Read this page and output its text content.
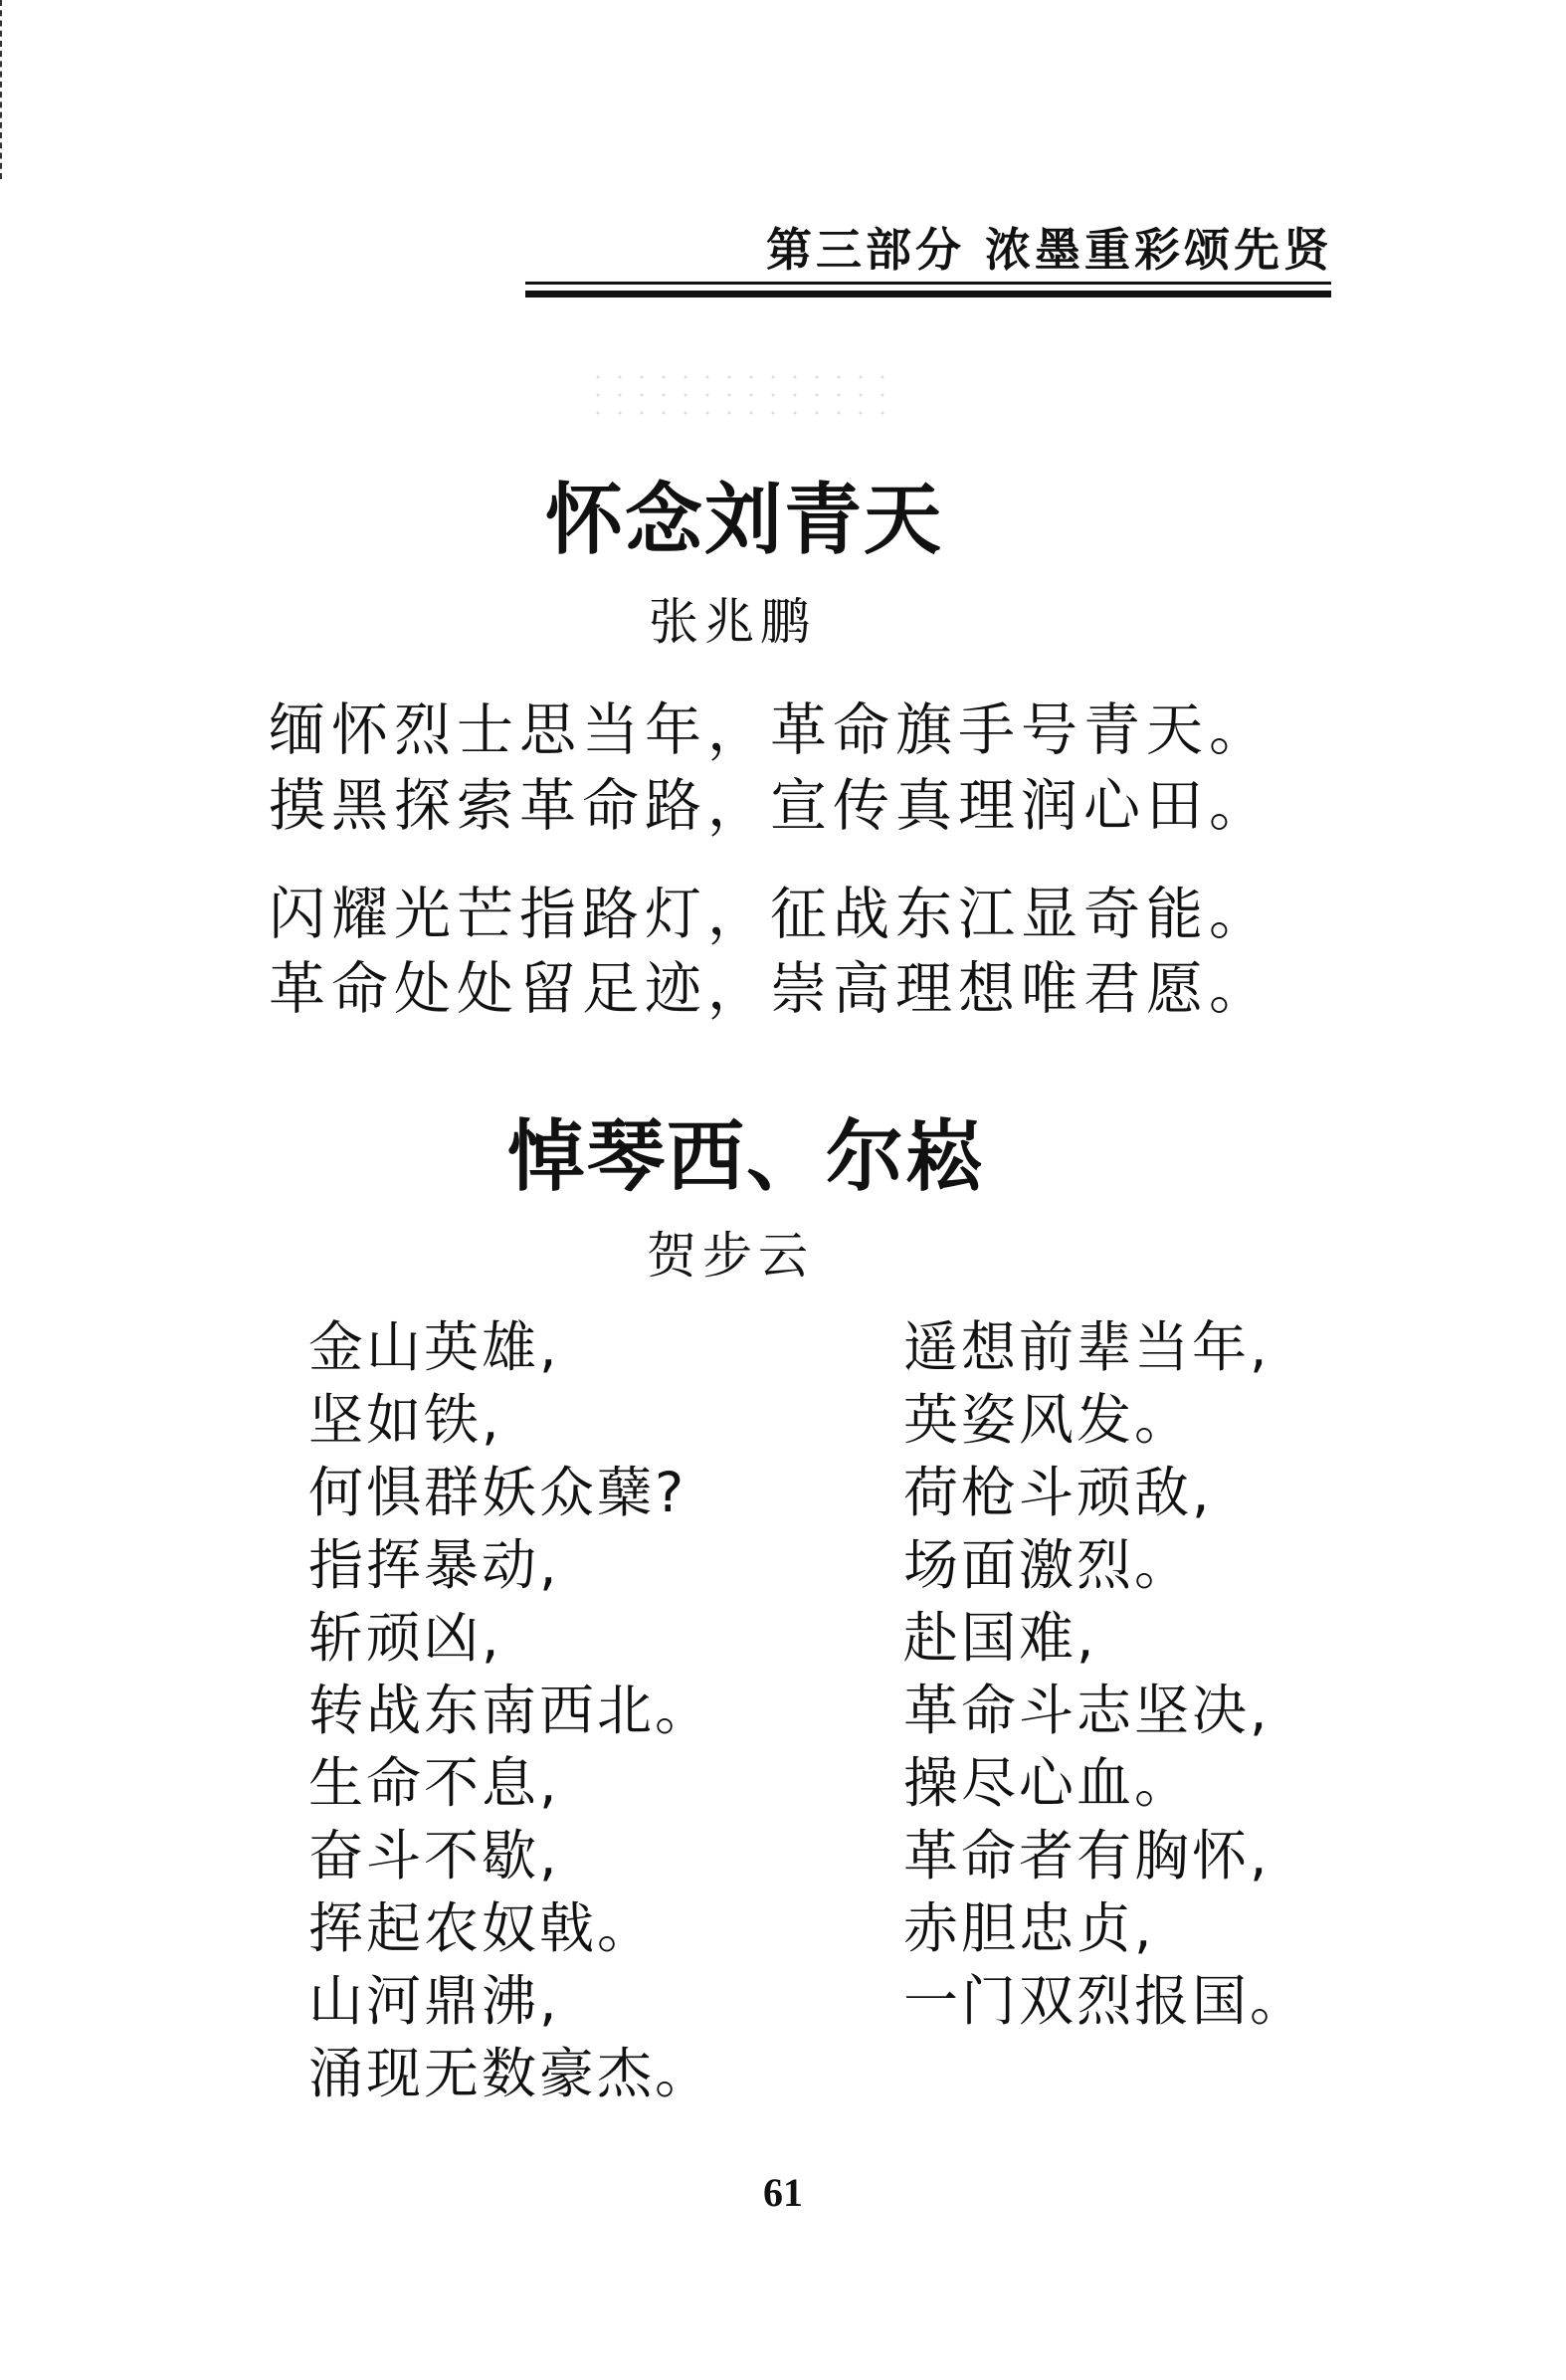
第三部分 浓墨重彩颂先贤
怀念刘青天
张兆鹏
缅怀烈士思当年，革命旗手号青天。
摸黑探索革命路，宣传真理润心田。
闪耀光芒指路灯，征战东江显奇能。
革命处处留足迹，崇高理想唯君愿。
悼琴西、尔崧
贺步云
金山英雄,
坚如铁,
何惧群妖众蘖?
指挥暴动,
斩顽凶,
转战东南西北。
生命不息,
奋斗不歇,
挥起农奴戟。
山河鼎沸,
涌现无数豪杰。
遥想前辈当年,
英姿风发。
荷枪斗顽敌,
场面激烈。
赴国难,
革命斗志坚决,
操尽心血。
革命者有胸怀,
赤胆忠贞,
一门双烈报国。
61
